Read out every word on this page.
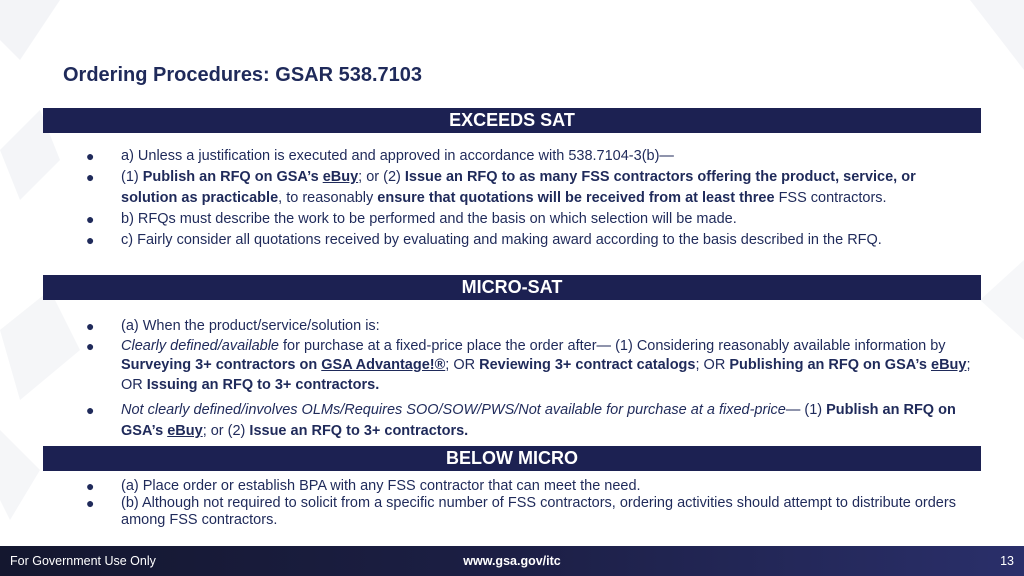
Ordering Procedures: GSAR 538.7103
EXCEEDS SAT
● a) Unless a justification is executed and approved in accordance with 538.7104-3(b)—
● (1) Publish an RFQ on GSA’s eBuy; or (2) Issue an RFQ to as many FSS contractors offering the product, service, or solution as practicable, to reasonably ensure that quotations will be received from at least three FSS contractors.
● b) RFQs must describe the work to be performed and the basis on which selection will be made.
● c) Fairly consider all quotations received by evaluating and making award according to the basis described in the RFQ.
MICRO-SAT
● (a) When the product/service/solution is:
● Clearly defined/available for purchase at a fixed-price place the order after— (1) Considering reasonably available information by Surveying 3+ contractors on GSA Advantage!®; OR Reviewing 3+ contract catalogs; OR Publishing an RFQ on GSA’s eBuy; OR Issuing an RFQ to 3+ contractors.
● Not clearly defined/involves OLMs/Requires SOO/SOW/PWS/Not available for purchase at a fixed-price— (1) Publish an RFQ on GSA’s eBuy; or (2) Issue an RFQ to 3+ contractors.
BELOW MICRO
● (a) Place order or establish BPA with any FSS contractor that can meet the need.
● (b) Although not required to solicit from a specific number of FSS contractors, ordering activities should attempt to distribute orders among FSS contractors.
For Government Use Only	www.gsa.gov/itc	13
